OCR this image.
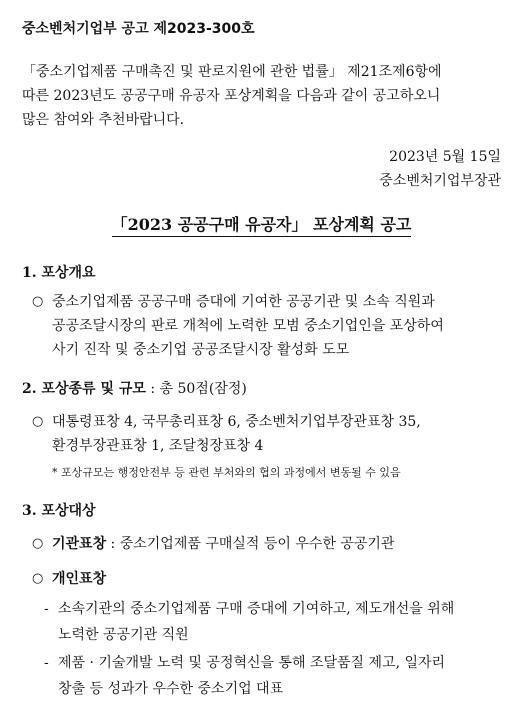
중소벤처기업부 공고 제2023-300호
「중소기업제품 구매촉진 및 판로지원에 관한 법률」 제21조제6항에
따른 2023년도 공공구매 유공자 포상계획을 다음과 같이 공고하오니
많은 참여와 추천바랍니다.
2023년 5월 15일
중소벤처기업부장관
「2023 공공구매 유공자」 포상계획 공고
1. 포상개요
○ 중소기업제품 공공구매 증대에 기여한 공공기관 및 소속 직원과
공공조달시장의 판로 개척에 노력한 모범 중소기업인을 포상하여
사기 진작 및 중소기업 공공조달시장 활성화 도모
2. 포상종류 및 규모 : 총 50점(잠정)
○ 대통령표창 4, 국무총리표창 6, 중소벤처기업부장관표창 35,
환경부장관표창 1, 조달청장표창 4
* 포상규모는 행정안전부 등 관련 부처와의 협의 과정에서 변동될 수 있음
3. 포상대상
○ 기관표창 : 중소기업제품 구매실적 등이 우수한 공공기관
○ 개인표창
- 소속기관의 중소기업제품 구매 증대에 기여하고, 제도개선을 위해
노력한 공공기관 직원
- 제품 · 기술개발 노력 및 공정혁신을 통해 조달품질 제고, 일자리
창출 등 성과가 우수한 중소기업 대표
